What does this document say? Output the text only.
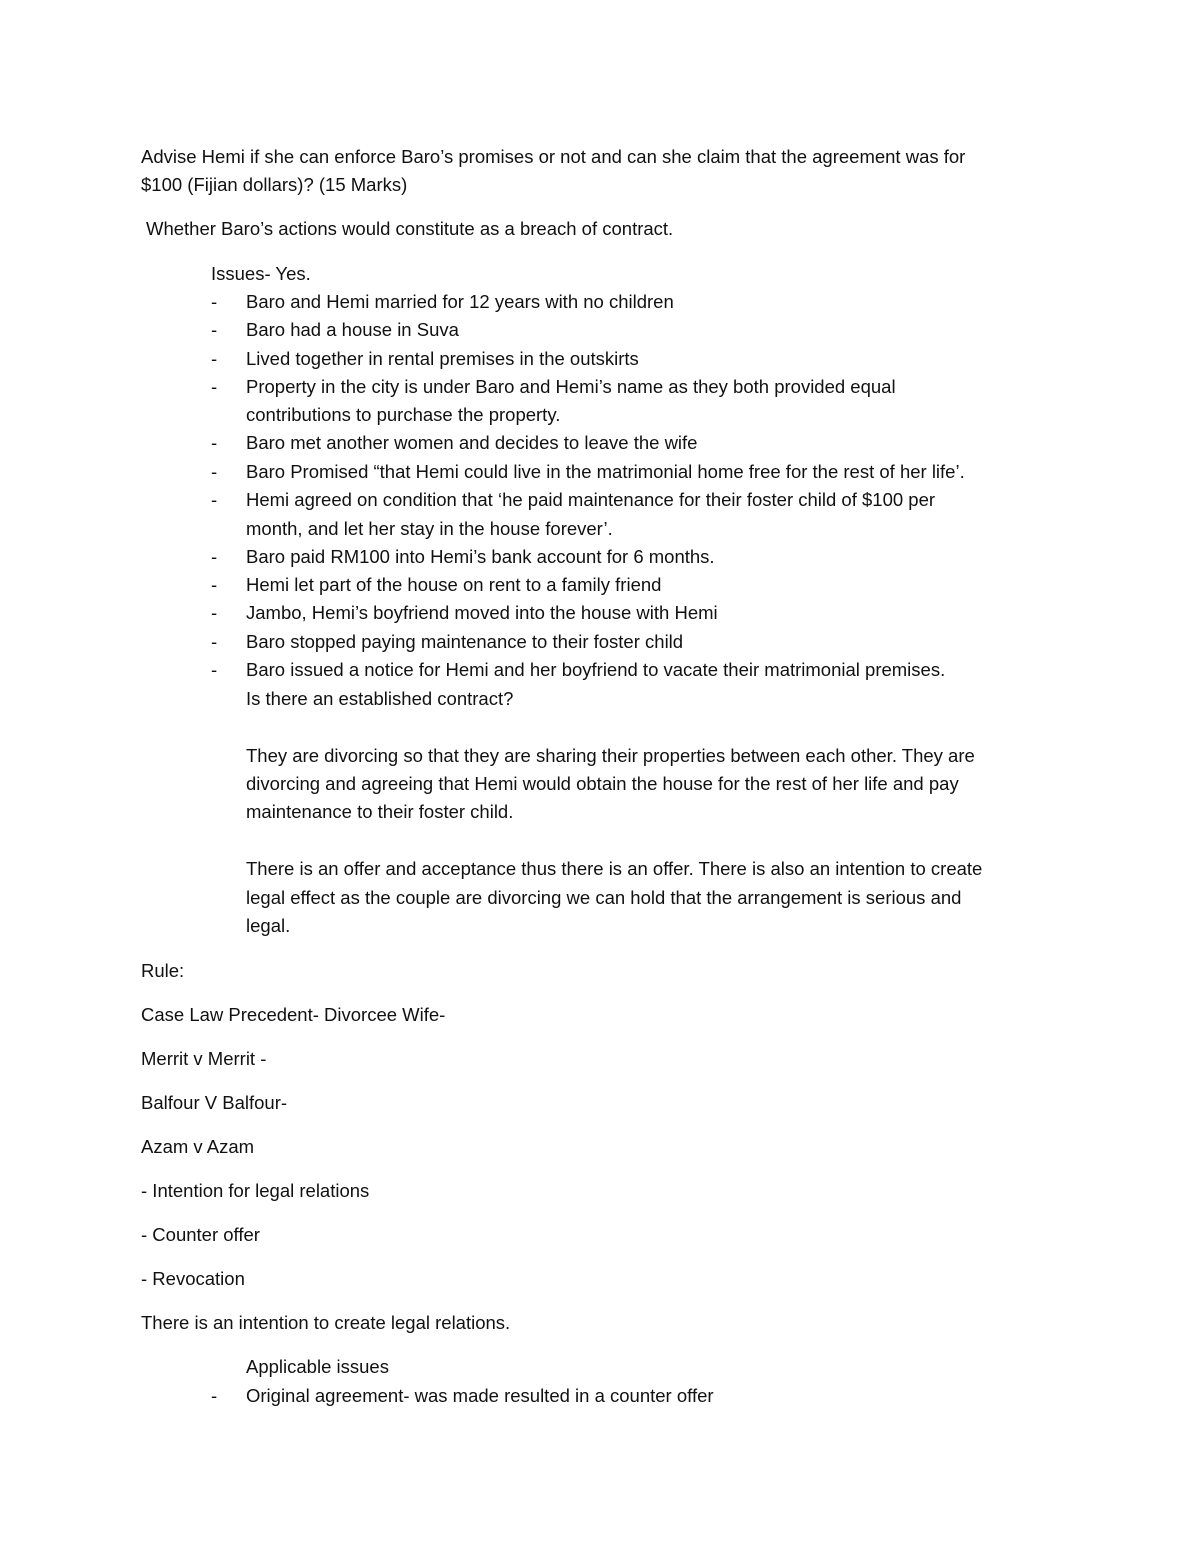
Advise Hemi if she can enforce Baro’s promises or not and can she claim that the agreement was for
$100 (Fijian dollars)? (15 Marks)
Whether Baro’s actions would constitute as a breach of contract.
Issues- Yes.
- Baro and Hemi married for 12 years with no children
- Baro had a house in Suva
- Lived together in rental premises in the outskirts
- Property in the city is under Baro and Hemi’s name as they both provided equal
contributions to purchase the property.
- Baro met another women and decides to leave the wife
- Baro Promised “that Hemi could live in the matrimonial home free for the rest of her life’.
- Hemi agreed on condition that ‘he paid maintenance for their foster child of $100 per
month, and let her stay in the house forever’.
- Baro paid RM100 into Hemi’s bank account for 6 months.
- Hemi let part of the house on rent to a family friend
- Jambo, Hemi’s boyfriend moved into the house with Hemi
- Baro stopped paying maintenance to their foster child
- Baro issued a notice for Hemi and her boyfriend to vacate their matrimonial premises.
Is there an established contract?
They are divorcing so that they are sharing their properties between each other. They are
divorcing and agreeing that Hemi would obtain the house for the rest of her life and pay
maintenance to their foster child.
There is an offer and acceptance thus there is an offer. There is also an intention to create
legal effect as the couple are divorcing we can hold that the arrangement is serious and
legal.
Rule:
Case Law Precedent- Divorcee Wife-
Merrit v Merrit -
Balfour V Balfour-
Azam v Azam
- Intention for legal relations
- Counter offer
- Revocation
There is an intention to create legal relations.
Applicable issues
- Original agreement- was made resulted in a counter offer
